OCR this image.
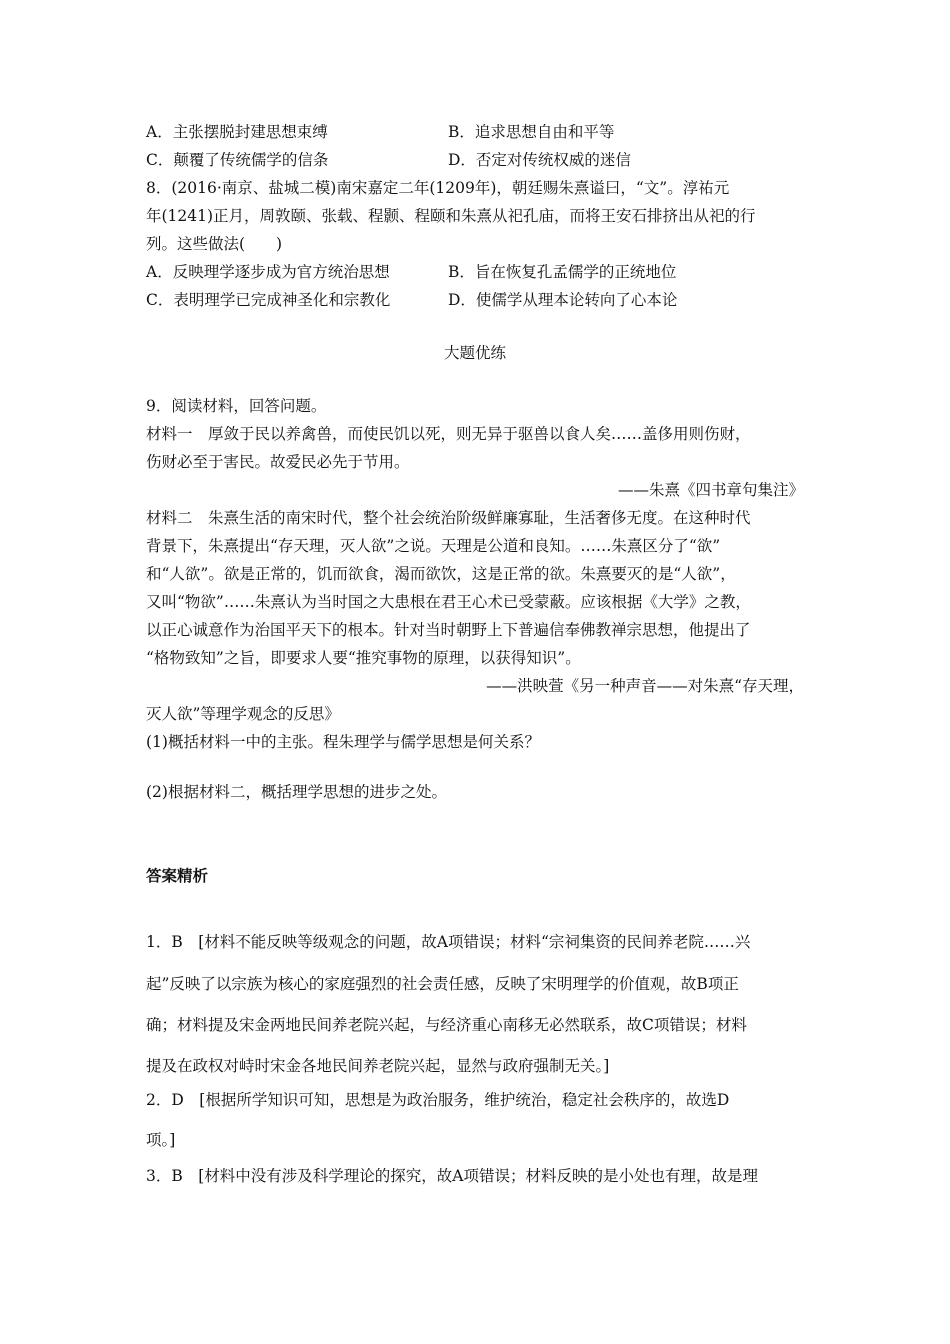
A．主张摆脱封建思想束缚	B．追求思想自由和平等
C．颠覆了传统儒学的信条	D．否定对传统权威的迷信
8．(2016·南京、盐城二模)南宋嘉定二年(1209年)，朝廷赐朱熹谥曰，“文”。淳祐元
年(1241)正月，周敦颐、张载、程颢、程颐和朱熹从祀孔庙，而将王安石排挤出从祀的行
列。这些做法(　　)
A．反映理学逐步成为官方统治思想	B．旨在恢复孔孟儒学的正统地位
C．表明理学已完成神圣化和宗教化	D．使儒学从理本论转向了心本论
大题优练
9．阅读材料，回答问题。
材料一　厚敛于民以养禽兽，而使民饥以死，则无异于驱兽以食人矣……盖侈用则伤财，
伤财必至于害民。故爱民必先于节用。
——朱熹《四书章句集注》
材料二　朱熹生活的南宋时代，整个社会统治阶级鲜廉寡耻，生活奢侈无度。在这种时代
背景下，朱熹提出“存天理，灭人欲”之说。天理是公道和良知。……朱熹区分了“欲”
和“人欲”。欲是正常的，饥而欲食，渴而欲饮，这是正常的欲。朱熹要灭的是“人欲”，
又叫“物欲”……朱熹认为当时国之大患根在君王心术已受蒙蔽。应该根据《大学》之教，
以正心诚意作为治国平天下的根本。针对当时朝野上下普遍信奉佛教禅宗思想，他提出了
“格物致知”之旨，即要求人要“推究事物的原理，以获得知识”。
——洪映萱《另一种声音——对朱熹“存天理，
灭人欲”等理学观念的反思》
(1)概括材料一中的主张。程朱理学与儒学思想是何关系？
(2)根据材料二，概括理学思想的进步之处。
答案精析
1．B　[材料不能反映等级观念的问题，故A项错误；材料“宗祠集资的民间养老院……兴
起”反映了以宗族为核心的家庭强烈的社会责任感，反映了宋明理学的价值观，故B项正
确；材料提及宋金两地民间养老院兴起，与经济重心南移无必然联系，故C项错误；材料
提及在政权对峙时宋金各地民间养老院兴起，显然与政府强制无关。]
2．D　[根据所学知识可知，思想是为政治服务，维护统治，稳定社会秩序的，故选D
项。]
3．B　[材料中没有涉及科学理论的探究，故A项错误；材料反映的是小处也有理，故是理
